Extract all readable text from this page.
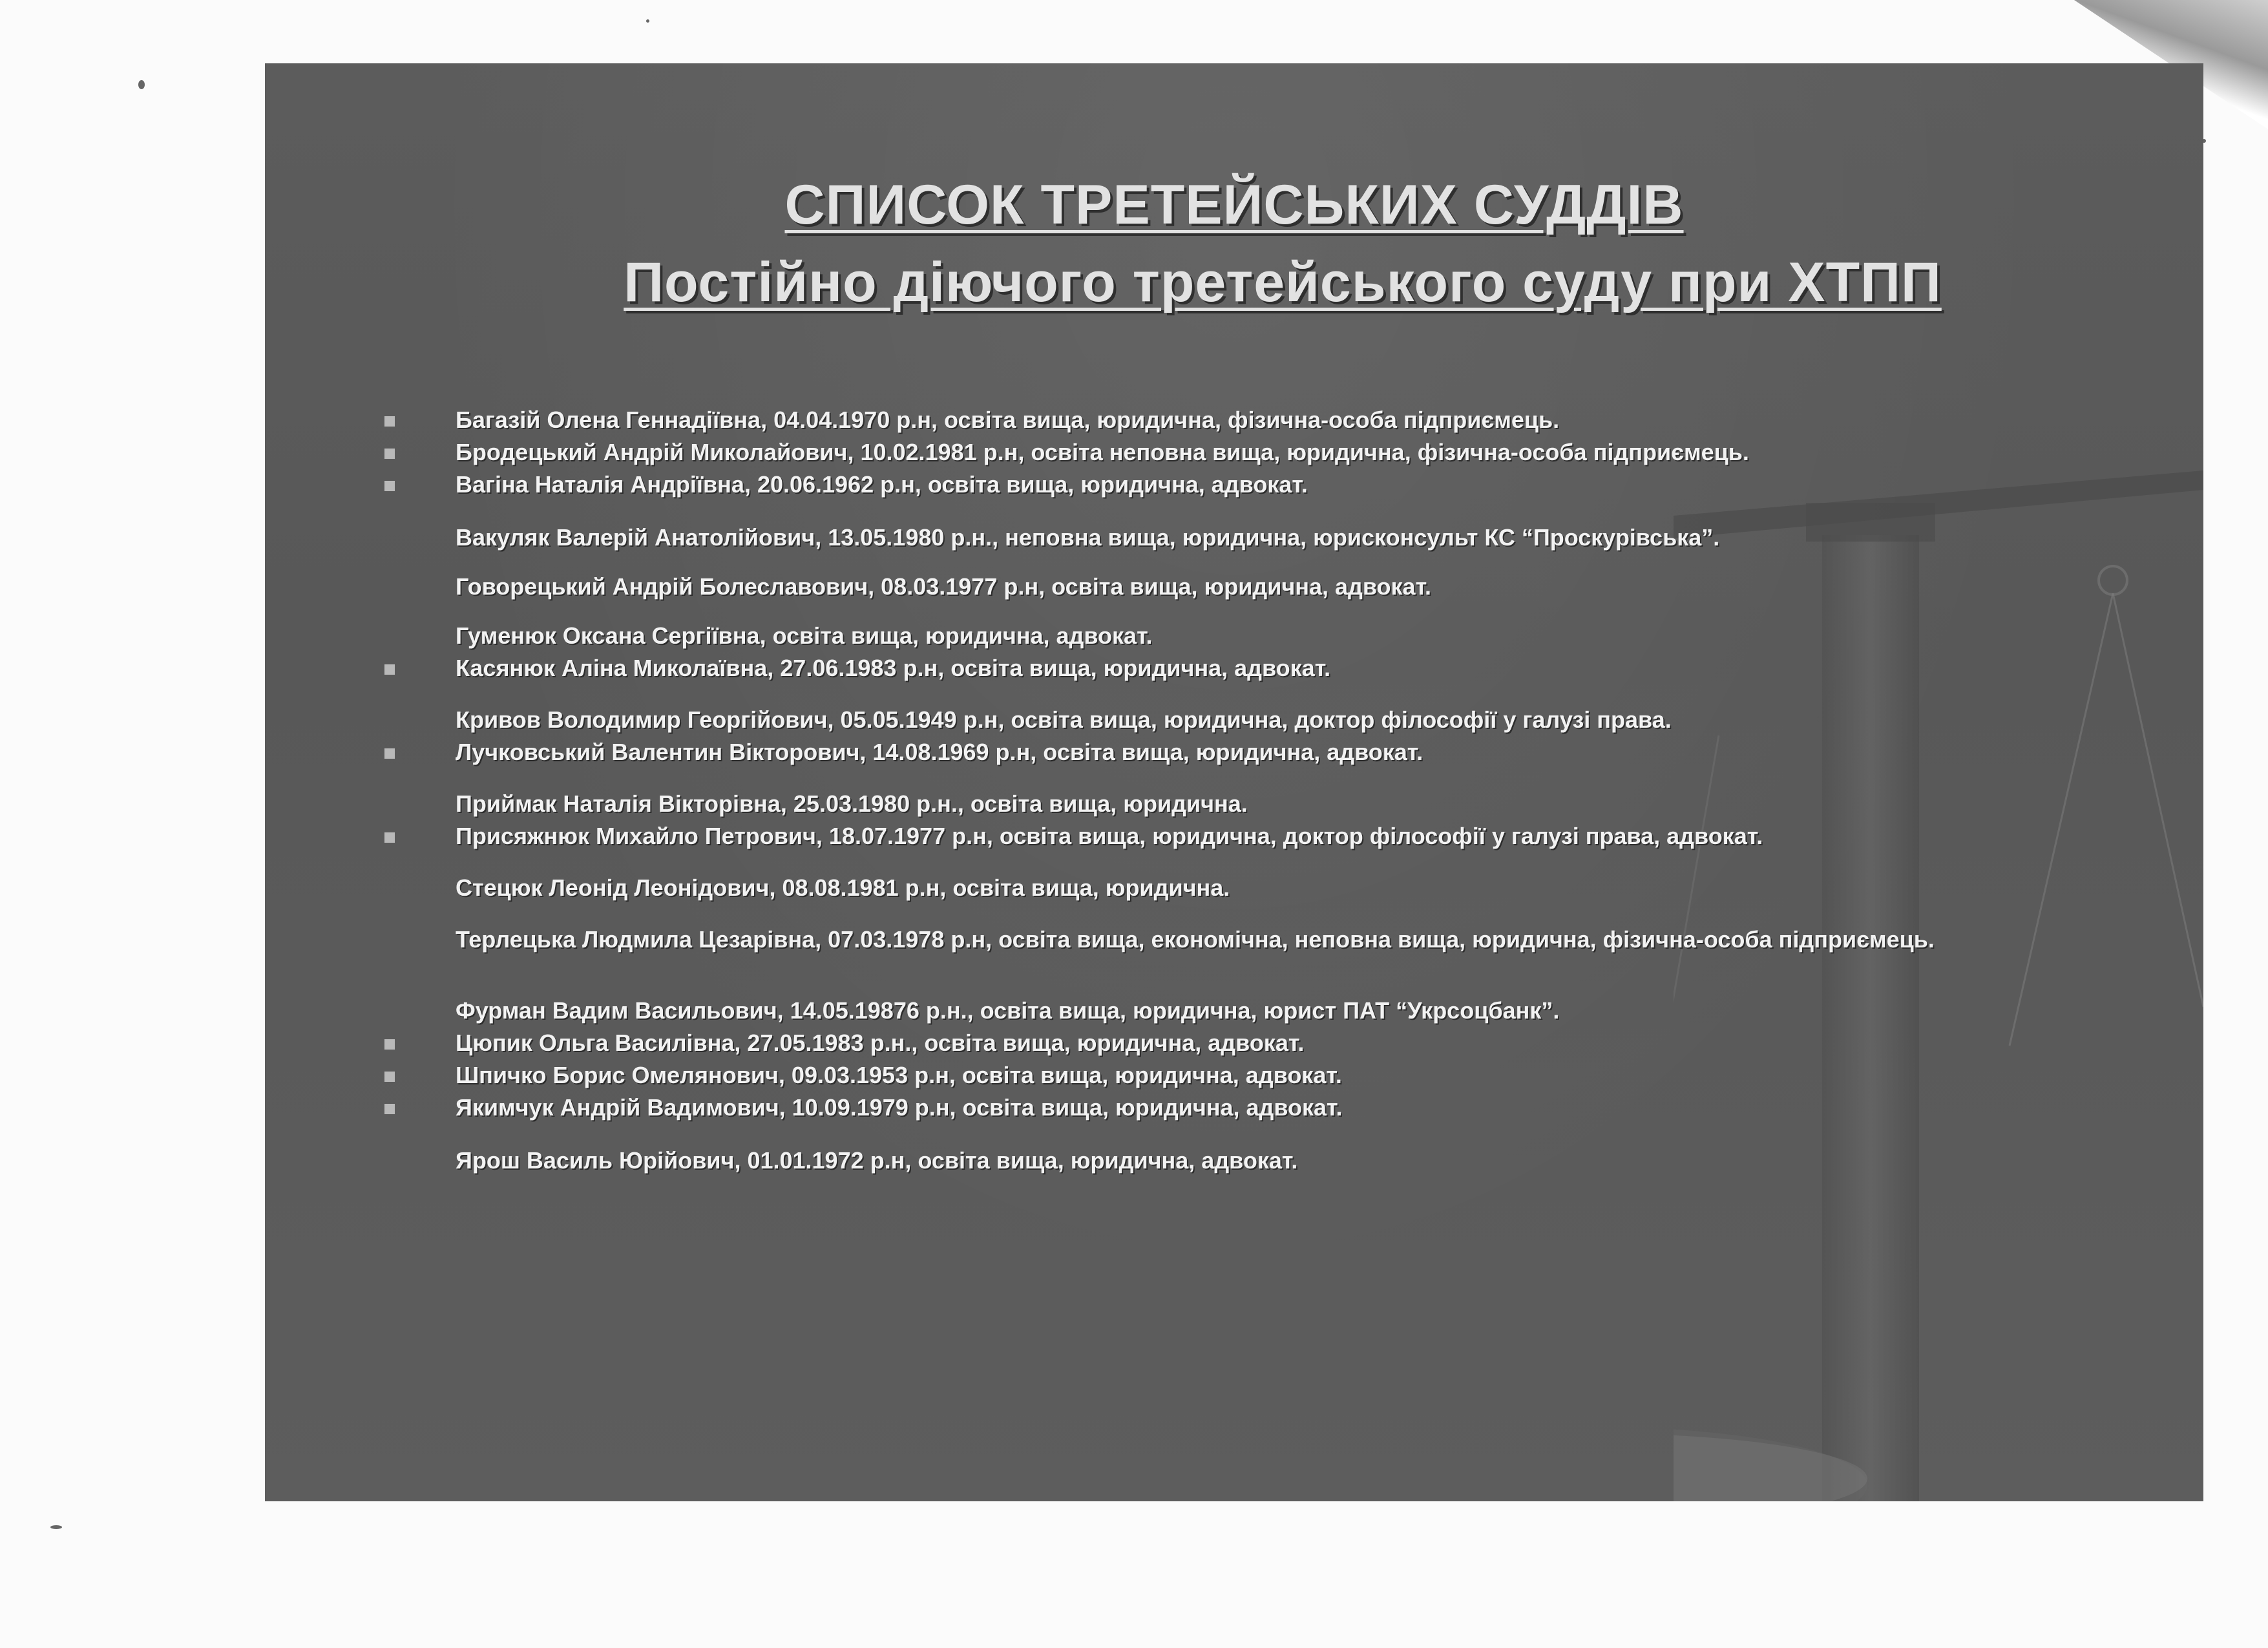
СПИСОК ТРЕТЕЙСЬКИХ СУДДІВ
Постійно діючого третейського суду при ХТПП
Багазій Олена Геннадіївна, 04.04.1970 р.н, освіта вища, юридична, фізична-особа підприємець.
Бродецький Андрій Миколайович, 10.02.1981 р.н, освіта неповна вища, юридична, фізична-особа підприємець.
Вагіна Наталія Андріївна, 20.06.1962 р.н, освіта вища, юридична, адвокат.
Вакуляк Валерій Анатолійович, 13.05.1980 р.н., неповна вища, юридична, юрисконсульт КС “Проскурівська”.
Говорецький Андрій Болеславович, 08.03.1977 р.н, освіта вища, юридична, адвокат.
Гуменюк Оксана Сергіївна, освіта вища, юридична, адвокат.
Касянюк Аліна Миколаївна, 27.06.1983 р.н, освіта вища, юридична, адвокат.
Кривов Володимир Георгійович, 05.05.1949 р.н, освіта вища, юридична, доктор філософії у галузі права.
Лучковський Валентин Вікторович, 14.08.1969 р.н, освіта вища, юридична, адвокат.
Приймак Наталія Вікторівна, 25.03.1980 р.н., освіта вища, юридична.
Присяжнюк Михайло Петрович, 18.07.1977 р.н, освіта вища, юридична, доктор філософії у галузі права, адвокат.
Стецюк Леонід Леонідович, 08.08.1981 р.н, освіта вища, юридична.
Терлецька Людмила Цезарівна, 07.03.1978 р.н, освіта вища, економічна, неповна вища, юридична, фізична-особа підприємець.
Фурман Вадим Васильович, 14.05.19876 р.н., освіта вища, юридична, юрист ПАТ “Укрсоцбанк”.
Цюпик Ольга Василівна, 27.05.1983 р.н., освіта вища, юридична, адвокат.
Шпичко Борис Омелянович, 09.03.1953 р.н, освіта вища, юридична, адвокат.
Якимчук Андрій Вадимович, 10.09.1979 р.н, освіта вища, юридична, адвокат.
Ярош Василь Юрійович, 01.01.1972 р.н, освіта вища, юридична, адвокат.
